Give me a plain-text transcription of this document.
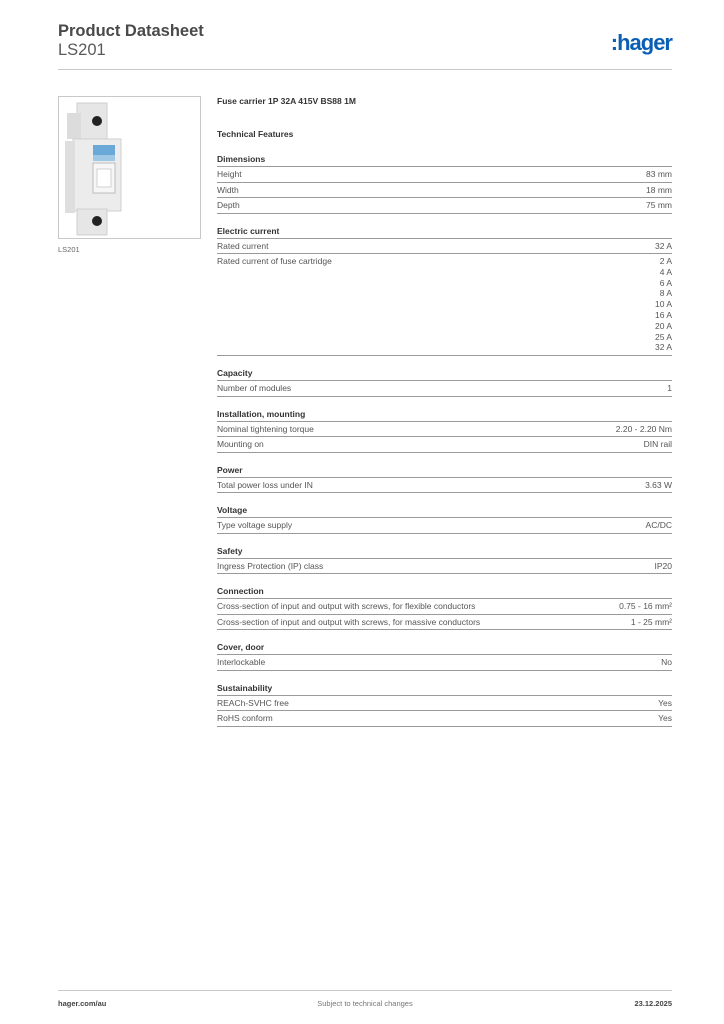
Product Datasheet
LS201	:hager
LS201
Fuse carrier 1P 32A 415V BS88 1M
Technical Features
Dimensions
Height	83 mm
Width	18 mm
Depth	75 mm
Electric current
Rated current	32 A
Rated current of fuse cartridge	2 A
4 A
6 A
8 A
10 A
16 A
20 A
25 A
32 A
Capacity
Number of modules	1
Installation, mounting
Nominal tightening torque	2.20 - 2.20 Nm
Mounting on	DIN rail
Power
Total power loss under IN	3.63 W
Voltage
Type voltage supply	AC/DC
Safety
Ingress Protection (IP) class	IP20
Connection
Cross-section of input and output with screws, for flexible conductors	0.75 - 16 mm²
Cross-section of input and output with screws, for massive conductors	1 - 25 mm²
Cover, door
Interlockable	No
Sustainability
REACh-SVHC free	Yes
RoHS conform	Yes
hager.com/au	Subject to technical changes	23.12.2025
